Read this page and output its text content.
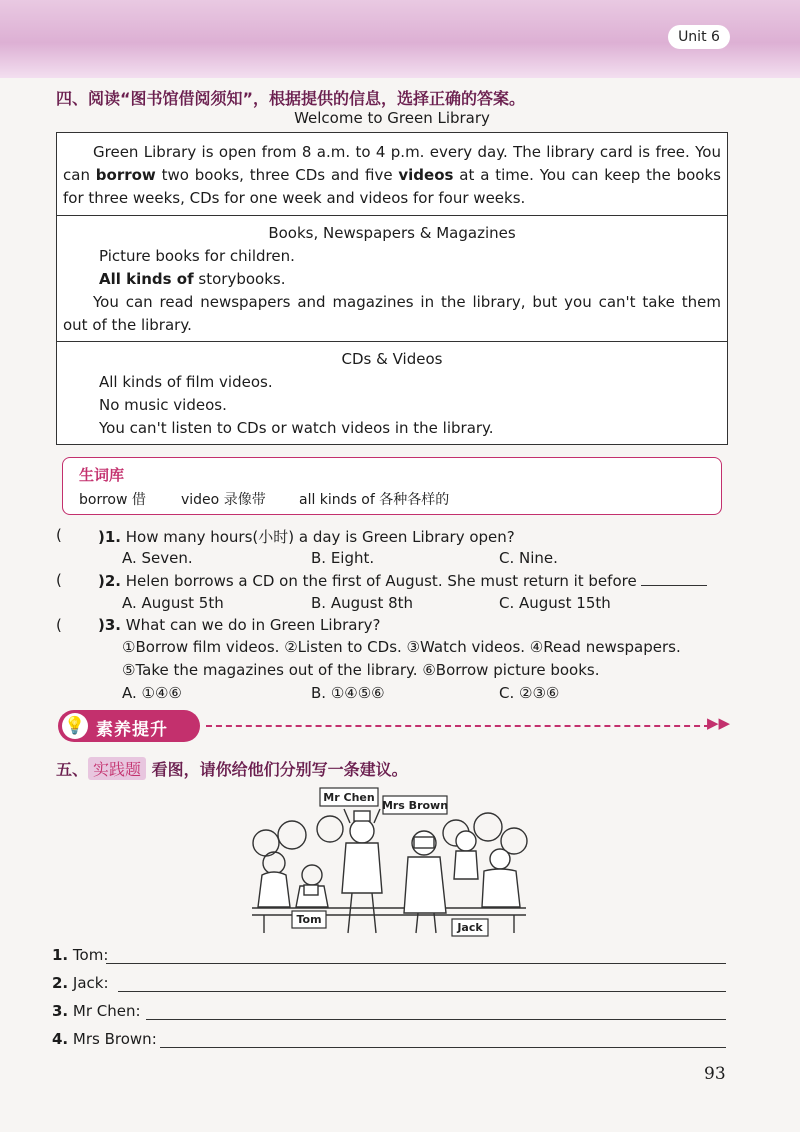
Unit 6
四、阅读“图书馆借阅须知”，根据提供的信息，选择正确的答案。
Welcome to Green Library

Green Library is open from 8 a.m. to 4 p.m. every day. The library card is free. You can borrow two books, three CDs and five videos at a time. You can keep the books for three weeks, CDs for one week and videos for four weeks.

Books, Newspapers & Magazines

Picture books for children.

All kinds of storybooks.

You can read newspapers and magazines in the library, but you can't take them out of the library.

CDs & Videos

All kinds of film videos.

No music videos.

You can't listen to CDs or watch videos in the library.

生词库
borrow 借	video 录像带 all kinds of 各种各样的
( )1. How many hours(小时) a day is Green Library open?
A. Seven.	B. Eight.	C. Nine.
( )2. Helen borrows a CD on the first of August. She must return it before
A. August 5th	B. August 8th	C. August 15th
( )3. What can we do in Green Library?
①Borrow film videos. ②Listen to CDs. ③Watch videos. ④Read newspapers.
⑤Take the magazines out of the library. ⑥Borrow picture books.
A. ①④⑥	B. ①④⑤⑥	C. ②③⑥
💡 素养提升	▶▶
五、 实践题 看图，请你给他们分别写一条建议。
Mr Chen
Mrs Brown
Tom
Jack
1. Tom:
2. Jack:
3. Mr Chen:
4. Mrs Brown:
93
